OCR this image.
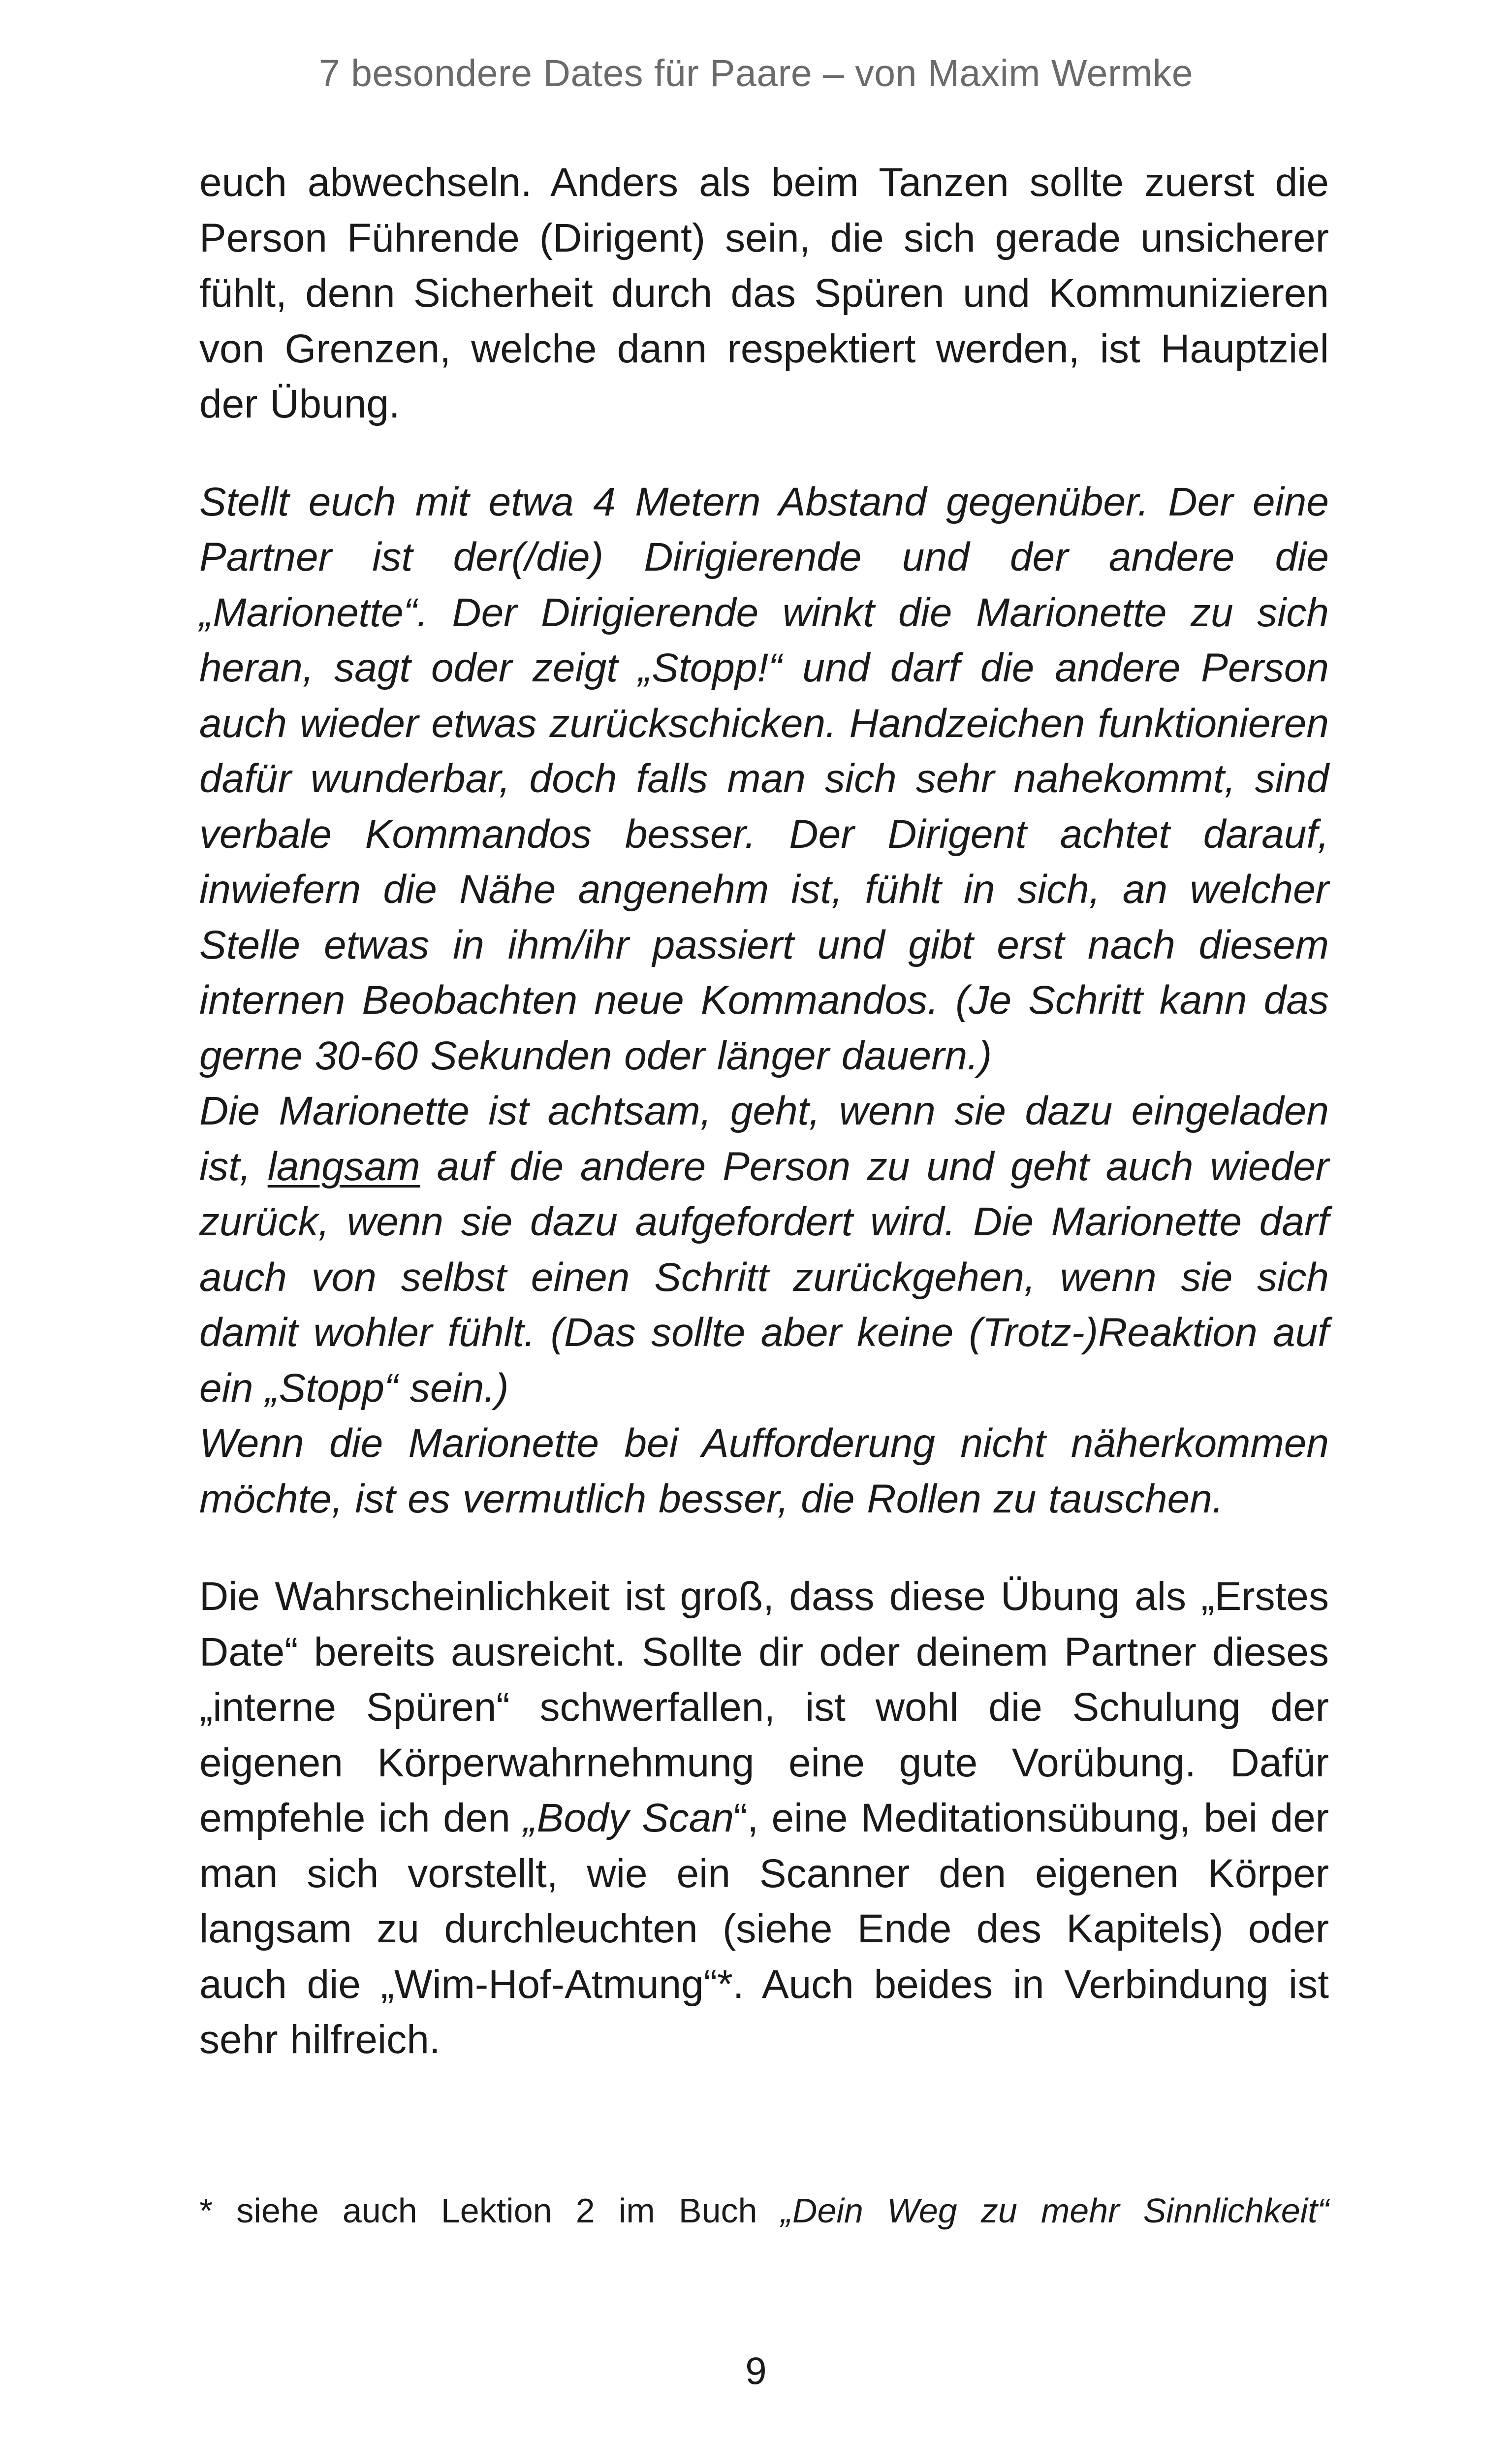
7 besondere Dates für Paare – von Maxim Wermke

euch abwechseln. Anders als beim Tanzen sollte zuerst die Person Führende (Dirigent) sein, die sich gerade unsicherer fühlt, denn Sicherheit durch das Spüren und Kommunizieren von Grenzen, welche dann respektiert werden, ist Hauptziel der Übung.

Stellt euch mit etwa 4 Metern Abstand gegenüber. Der eine Partner ist der(/die) Dirigierende und der andere die „Marionette“. Der Dirigierende winkt die Marionette zu sich heran, sagt oder zeigt „Stopp!“ und darf die andere Person auch wieder etwas zurückschicken. Handzeichen funktionieren dafür wunderbar, doch falls man sich sehr nahekommt, sind verbale Kommandos besser. Der Dirigent achtet darauf, inwiefern die Nähe angenehm ist, fühlt in sich, an welcher Stelle etwas in ihm/ihr passiert und gibt erst nach diesem internen Beobachten neue Kommandos. (Je Schritt kann das gerne 30-60 Sekunden oder länger dauern.)
Die Marionette ist achtsam, geht, wenn sie dazu eingeladen ist, langsam auf die andere Person zu und geht auch wieder zurück, wenn sie dazu aufgefordert wird. Die Marionette darf auch von selbst einen Schritt zurückgehen, wenn sie sich damit wohler fühlt. (Das sollte aber keine (Trotz-)Reaktion auf ein „Stopp“ sein.)
Wenn die Marionette bei Aufforderung nicht näherkommen möchte, ist es vermutlich besser, die Rollen zu tauschen.

Die Wahrscheinlichkeit ist groß, dass diese Übung als „Erstes Date“ bereits ausreicht. Sollte dir oder deinem Partner dieses „interne Spüren“ schwerfallen, ist wohl die Schulung der eigenen Körperwahrnehmung eine gute Vorübung. Dafür empfehle ich den „Body Scan“, eine Meditationsübung, bei der man sich vorstellt, wie ein Scanner den eigenen Körper langsam zu durchleuchten (siehe Ende des Kapitels) oder auch die „Wim-Hof-Atmung“*. Auch beides in Verbindung ist sehr hilfreich.

* siehe auch Lektion 2 im Buch „Dein Weg zu mehr Sinnlichkeit“
9
